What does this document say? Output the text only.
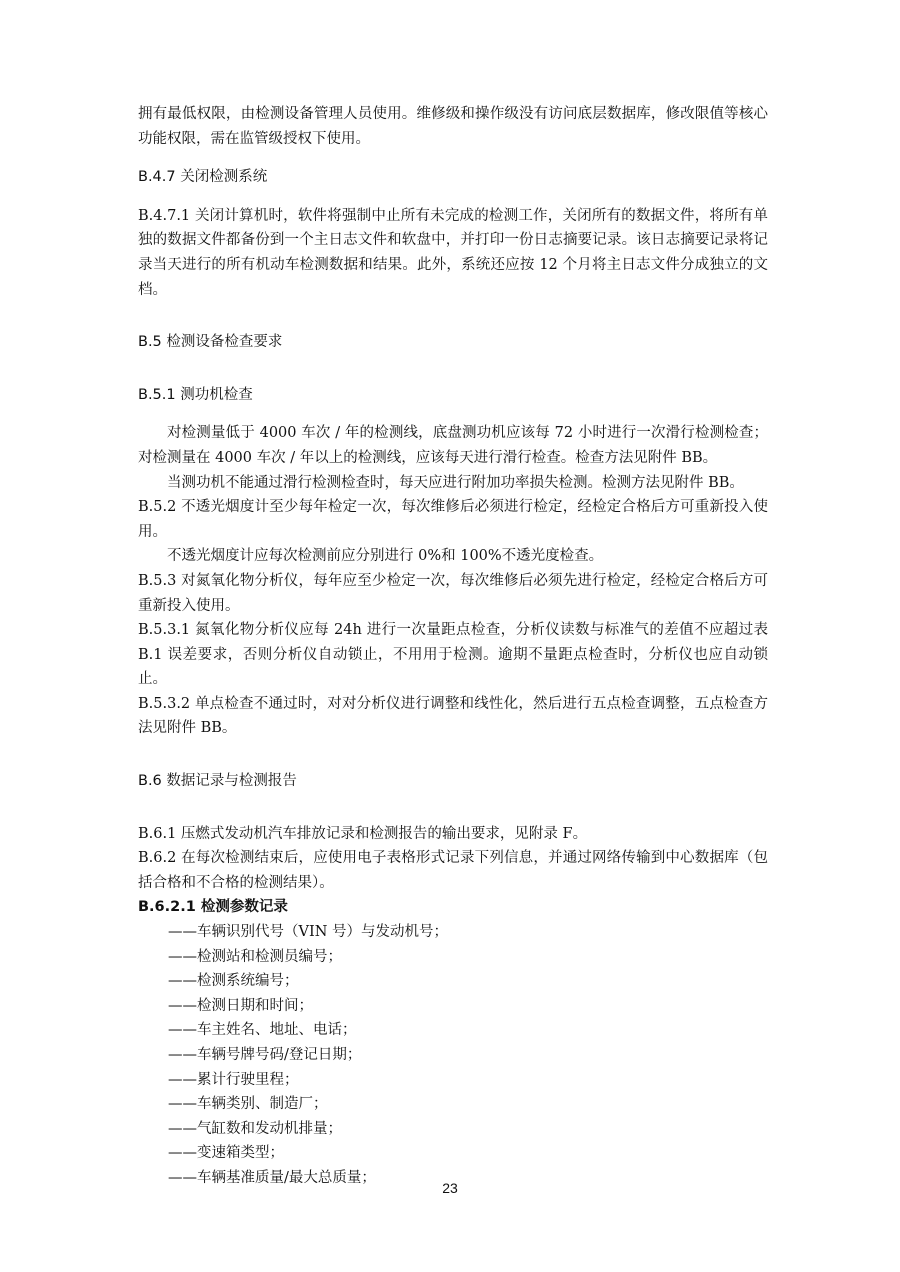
拥有最低权限，由检测设备管理人员使用。维修级和操作级没有访问底层数据库，修改限值等核心功能权限，需在监管级授权下使用。

B.4.7 关闭检测系统

B.4.7.1 关闭计算机时，软件将强制中止所有未完成的检测工作，关闭所有的数据文件，将所有单独的数据文件都备份到一个主日志文件和软盘中，并打印一份日志摘要记录。该日志摘要记录将记录当天进行的所有机动车检测数据和结果。此外，系统还应按 12 个月将主日志文件分成独立的文档。

B.5 检测设备检查要求

B.5.1 测功机检查

对检测量低于 4000 车次 / 年的检测线，底盘测功机应该每 72 小时进行一次滑行检测检查；对检测量在 4000 车次 / 年以上的检测线，应该每天进行滑行检查。检查方法见附件 BB。

当测功机不能通过滑行检测检查时，每天应进行附加功率损失检测。检测方法见附件 BB。

B.5.2 不透光烟度计至少每年检定一次，每次维修后必须进行检定，经检定合格后方可重新投入使用。

不透光烟度计应每次检测前应分别进行 0%和 100%不透光度检查。

B.5.3 对氮氧化物分析仪，每年应至少检定一次，每次维修后必须先进行检定，经检定合格后方可重新投入使用。

B.5.3.1 氮氧化物分析仪应每 24h 进行一次量距点检查，分析仪读数与标准气的差值不应超过表 B.1 误差要求，否则分析仪自动锁止，不用用于检测。逾期不量距点检查时，分析仪也应自动锁止。

B.5.3.2 单点检查不通过时，对对分析仪进行调整和线性化，然后进行五点检查调整，五点检查方法见附件 BB。

B.6 数据记录与检测报告

B.6.1 压燃式发动机汽车排放记录和检测报告的输出要求，见附录 F。

B.6.2 在每次检测结束后，应使用电子表格形式记录下列信息，并通过网络传输到中心数据库（包括合格和不合格的检测结果）。

B.6.2.1 检测参数记录

——车辆识别代号（VIN 号）与发动机号；
——检测站和检测员编号；
——检测系统编号；
——检测日期和时间；
——车主姓名、地址、电话；
——车辆号牌号码/登记日期；
——累计行驶里程；
——车辆类别、制造厂；
——气缸数和发动机排量；
——变速箱类型；
——车辆基准质量/最大总质量；
23
